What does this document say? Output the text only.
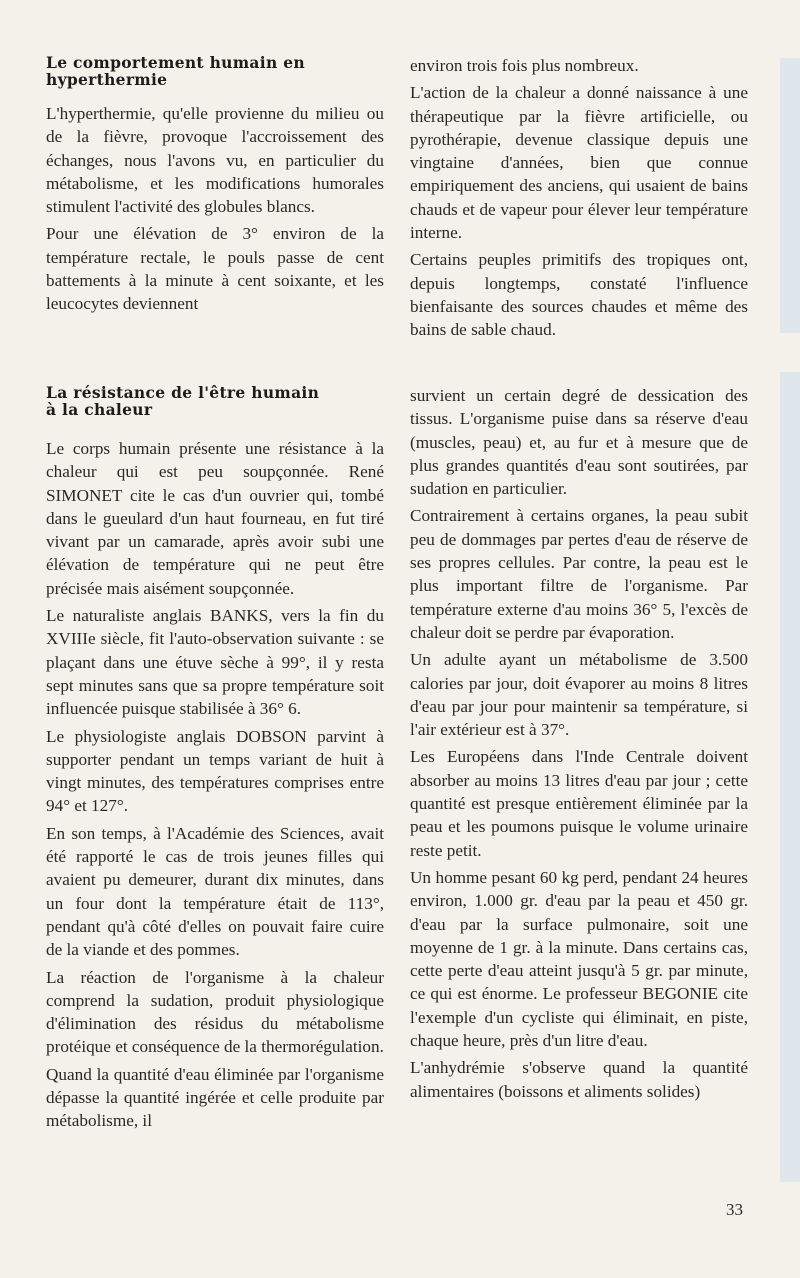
Le comportement humain en
hyperthermie

L'hyperthermie, qu'elle provienne du milieu ou de la fièvre, provoque l'accroissement des échanges, nous l'avons vu, en particulier du métabolisme, et les modifications humorales stimulent l'activité des globules blancs.

Pour une élévation de 3° environ de la température rectale, le pouls passe de cent battements à la minute à cent soixante, et les leucocytes deviennent

environ trois fois plus nombreux.

L'action de la chaleur a donné naissance à une thérapeutique par la fièvre artificielle, ou pyrothérapie, devenue classique depuis une vingtaine d'années, bien que connue empiriquement des anciens, qui usaient de bains chauds et de vapeur pour élever leur température interne.

Certains peuples primitifs des tropiques ont, depuis longtemps, constaté l'influence bienfaisante des sources chaudes et même des bains de sable chaud.

La résistance de l'être humain
à la chaleur

Le corps humain présente une résistance à la chaleur qui est peu soupçonnée. René SIMONET cite le cas d'un ouvrier qui, tombé dans le gueulard d'un haut fourneau, en fut tiré vivant par un camarade, après avoir subi une élévation de température qui ne peut être précisée mais aisément soupçonnée.

Le naturaliste anglais BANKS, vers la fin du XVIIIe siècle, fit l'auto-observation suivante : se plaçant dans une étuve sèche à 99°, il y resta sept minutes sans que sa propre température soit influencée puisque stabilisée à 36° 6.

Le physiologiste anglais DOBSON parvint à supporter pendant un temps variant de huit à vingt minutes, des températures comprises entre 94° et 127°.

En son temps, à l'Académie des Sciences, avait été rapporté le cas de trois jeunes filles qui avaient pu demeurer, durant dix minutes, dans un four dont la température était de 113°, pendant qu'à côté d'elles on pouvait faire cuire de la viande et des pommes.

La réaction de l'organisme à la chaleur comprend la sudation, produit physiologique d'élimination des résidus du métabolisme protéique et conséquence de la thermorégulation.

Quand la quantité d'eau éliminée par l'organisme dépasse la quantité ingérée et celle produite par métabolisme, il

survient un certain degré de dessication des tissus. L'organisme puise dans sa réserve d'eau (muscles, peau) et, au fur et à mesure que de plus grandes quantités d'eau sont soutirées, par sudation en particulier.

Contrairement à certains organes, la peau subit peu de dommages par pertes d'eau de réserve de ses propres cellules. Par contre, la peau est le plus important filtre de l'organisme. Par température externe d'au moins 36° 5, l'excès de chaleur doit se perdre par évaporation.

Un adulte ayant un métabolisme de 3.500 calories par jour, doit évaporer au moins 8 litres d'eau par jour pour maintenir sa température, si l'air extérieur est à 37°.

Les Européens dans l'Inde Centrale doivent absorber au moins 13 litres d'eau par jour ; cette quantité est presque entièrement éliminée par la peau et les poumons puisque le volume urinaire reste petit.

Un homme pesant 60 kg perd, pendant 24 heures environ, 1.000 gr. d'eau par la peau et 450 gr. d'eau par la surface pulmonaire, soit une moyenne de 1 gr. à la minute. Dans certains cas, cette perte d'eau atteint jusqu'à 5 gr. par minute, ce qui est énorme. Le professeur BEGONIE cite l'exemple d'un cycliste qui éliminait, en piste, chaque heure, près d'un litre d'eau.

L'anhydrémie s'observe quand la quantité alimentaires (boissons et aliments solides)

33
